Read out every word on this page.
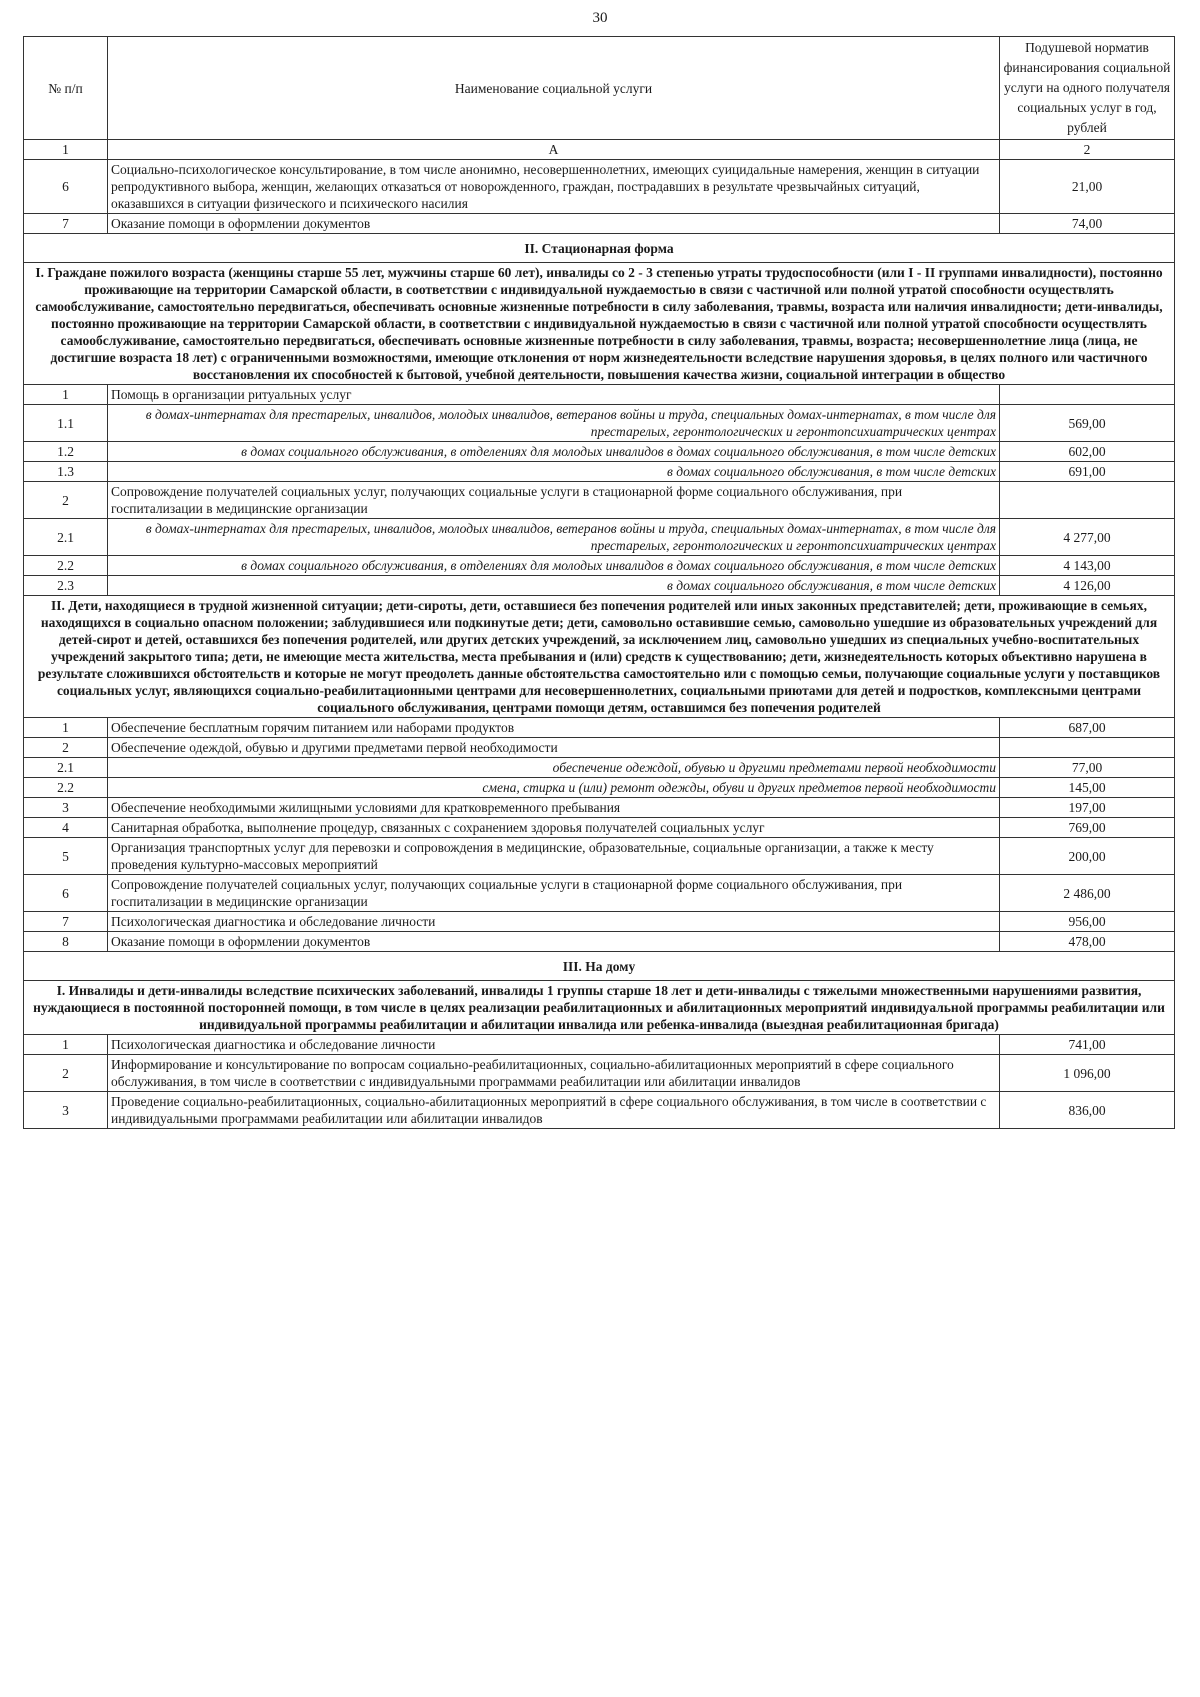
30
№ п/п	Наименование социальной услуги	Подушевой норматив финансирования социальной услуги на одного получателя социальных услуг в год, рублей
1	А	2
6	Социально-психологическое консультирование, в том числе анонимно, несовершеннолетних, имеющих суицидальные намерения, женщин в ситуации репродуктивного выбора, женщин, желающих отказаться от новорожденного, граждан, пострадавших в результате чрезвычайных ситуаций, оказавшихся в ситуации физического и психического насилия	21,00
7	Оказание помощи в оформлении документов	74,00
II. Стационарная форма		
I. Граждане пожилого возраста (женщины старше 55 лет, мужчины старше 60 лет), инвалиды со 2 - 3 степенью утраты трудоспособности (или I - II группами инвалидности), постоянно проживающие на территории Самарской области, в соответствии с индивидуальной нуждаемостью в связи с частичной или полной утратой способности осуществлять самообслуживание, самостоятельно передвигаться, обеспечивать основные жизненные потребности в силу заболевания, травмы, возраста или наличия инвалидности; дети-инвалиды, постоянно проживающие на территории Самарской области, в соответствии с индивидуальной нуждаемостью в связи с частичной или полной утратой способности осуществлять самообслуживание, самостоятельно передвигаться, обеспечивать основные жизненные потребности в силу заболевания, травмы, возраста; несовершеннолетние лица (лица, не достигшие возраста 18 лет) с ограниченными возможностями, имеющие отклонения от норм жизнедеятельности вследствие нарушения здоровья, в целях полного или частичного восстановления их способностей к бытовой, учебной деятельности, повышения качества жизни, социальной интеграции в общество		
1	Помощь в организации ритуальных услуг	
1.1	в домах-интернатах для престарелых, инвалидов, молодых инвалидов, ветеранов войны и труда, специальных домах-интернатах, в том числе для престарелых, геронтологических и геронтопсихиатрических центрах	569,00
1.2	в домах социального обслуживания, в отделениях для молодых инвалидов в домах социального обслуживания, в том числе детских	602,00
1.3	в домах социального обслуживания, в том числе детских	691,00
2	Сопровождение получателей социальных услуг, получающих социальные услуги в стационарной форме социального обслуживания, при госпитализации в медицинские организации	
2.1	в домах-интернатах для престарелых, инвалидов, молодых инвалидов, ветеранов войны и труда, специальных домах-интернатах, в том числе для престарелых, геронтологических и геронтопсихиатрических центрах	4 277,00
2.2	в домах социального обслуживания, в отделениях для молодых инвалидов в домах социального обслуживания, в том числе детских	4 143,00
2.3	в домах социального обслуживания, в том числе детских	4 126,00
II. Дети, находящиеся в трудной жизненной ситуации; дети-сироты, дети, оставшиеся без попечения родителей или иных законных представителей; дети, проживающие в семьях, находящихся в социально опасном положении; заблудившиеся или подкинутые дети; дети, самовольно оставившие семью, самовольно ушедшие из образовательных учреждений для детей-сирот и детей, оставшихся без попечения родителей, или других детских учреждений, за исключением лиц, самовольно ушедших из специальных учебно-воспитательных учреждений закрытого типа; дети, не имеющие места жительства, места пребывания и (или) средств к существованию; дети, жизнедеятельность которых объективно нарушена в результате сложившихся обстоятельств и которые не могут преодолеть данные обстоятельства самостоятельно или с помощью семьи, получающие социальные услуги у поставщиков социальных услуг, являющихся социально-реабилитационными центрами для несовершеннолетних, социальными приютами для детей и подростков, комплексными центрами социального обслуживания, центрами помощи детям, оставшимся без попечения родителей		
1	Обеспечение бесплатным горячим питанием или наборами продуктов	687,00
2	Обеспечение одеждой, обувью и другими предметами первой необходимости	
2.1	обеспечение одеждой, обувью и другими предметами первой необходимости	77,00
2.2	смена, стирка и (или) ремонт одежды, обуви и других предметов первой необходимости	145,00
3	Обеспечение необходимыми жилищными условиями для кратковременного пребывания	197,00
4	Санитарная обработка, выполнение процедур, связанных с сохранением здоровья получателей социальных услуг	769,00
5	Организация транспортных услуг для перевозки и сопровождения в медицинские, образовательные, социальные организации, а также к месту проведения культурно-массовых мероприятий	200,00
6	Сопровождение получателей социальных услуг, получающих социальные услуги в стационарной форме социального обслуживания, при госпитализации в медицинские организации	2 486,00
7	Психологическая диагностика и обследование личности	956,00
8	Оказание помощи в оформлении документов	478,00
III. На дому		
I. Инвалиды и дети-инвалиды вследствие психических заболеваний, инвалиды 1 группы старше 18 лет и дети-инвалиды с тяжелыми множественными нарушениями развития, нуждающиеся в постоянной посторонней помощи, в том числе в целях реализации реабилитационных и абилитационных мероприятий индивидуальной программы реабилитации или индивидуальной программы реабилитации и абилитации инвалида или ребенка-инвалида (выездная реабилитационная бригада)		
1	Психологическая диагностика и обследование личности	741,00
2	Информирование и консультирование по вопросам социально-реабилитационных, социально-абилитационных мероприятий в сфере социального обслуживания, в том числе в соответствии с индивидуальными программами реабилитации или абилитации инвалидов	1 096,00
3	Проведение социально-реабилитационных, социально-абилитационных мероприятий в сфере социального обслуживания, в том числе в соответствии с индивидуальными программами реабилитации или абилитации инвалидов	836,00
